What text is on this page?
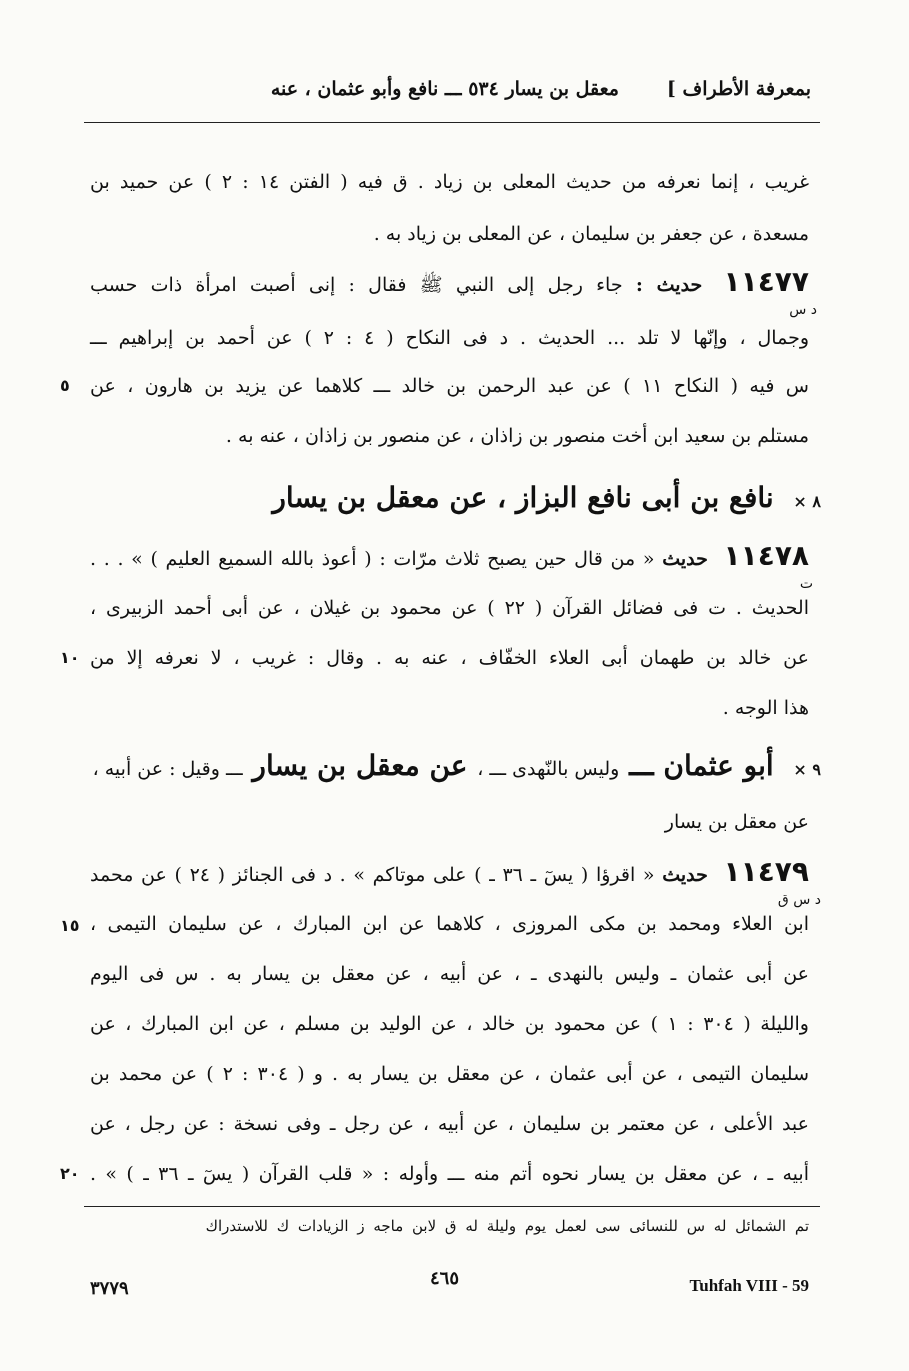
بمعرفة الأطراف ]
معقل بن يسار ٥٣٤ ـــ نافع وأبو عثمان ، عنه
غريب ، إنما نعرفه من حديث المعلى بن زياد . ق فيه ( الفتن ١٤ : ٢ ) عن حميد بن
مسعدة ، عن جعفر بن سليمان ، عن المعلى بن زياد به .
١١٤٧٧ حديث : جاء رجل إلى النبي ﷺ فقال : إنى أصبت امرأة ذات حسب
د س
وجمال ، وإنّها لا تلد ... الحديث . د فى النكاح ( ٤ : ٢ ) عن أحمد بن إبراهيم ـــ
س فيه ( النكاح ١١ ) عن عبد الرحمن بن خالد ـــ كلاهما عن يزيد بن هارون ، عن
٥
مستلم بن سعيد ابن أخت منصور بن زاذان ، عن منصور بن زاذان ، عنه به .
٨ × نافع بن أبى نافع البزاز ، عن معقل بن يسار
١١٤٧٨ حديث « من قال حين يصبح ثلاث مرّات : ( أعوذ بالله السميع العليم ) » . . .
ت
الحديث . ت فى فضائل القرآن ( ٢٢ ) عن محمود بن غيلان ، عن أبى أحمد الزبيرى ،
عن خالد بن طهمان أبى العلاء الخفّاف ، عنه به . وقال : غريب ، لا نعرفه إلا من
١٠
هذا الوجه .
٩ × أبو عثمان ـــ وليس بالنّهدى ـــ ، عن معقل بن يسار ـــ وقيل : عن أبيه ،
عن معقل بن يسار
١١٤٧٩ حديث « اقرؤا ( يسٓ ـ ٣٦ ـ ) على موتاكم » . د فى الجنائز ( ٢٤ ) عن محمد
د س ق
ابن العلاء ومحمد بن مكى المروزى ، كلاهما عن ابن المبارك ، عن سليمان التيمى ،
١٥
عن أبى عثمان ـ وليس بالنهدى ـ ، عن أبيه ، عن معقل بن يسار به . س فى اليوم
والليلة ( ٣٠٤ : ١ ) عن محمود بن خالد ، عن الوليد بن مسلم ، عن ابن المبارك ، عن
سليمان التيمى ، عن أبى عثمان ، عن معقل بن يسار به . و ( ٣٠٤ : ٢ ) عن محمد بن
عبد الأعلى ، عن معتمر بن سليمان ، عن أبيه ، عن رجل ـ وفى نسخة : عن رجل ، عن
أبيه ـ ، عن معقل بن يسار نحوه أتم منه ـــ وأوله : « قلب القرآن ( يسٓ ـ ٣٦ ـ ) » .
٢٠
تم الشمائل له س للنسائى سى لعمل يوم وليلة له ق لابن ماجه ز الزيادات ك للاستدراك
٣٧٧٩	٤٦٥	Tuhfah VIII - 59
